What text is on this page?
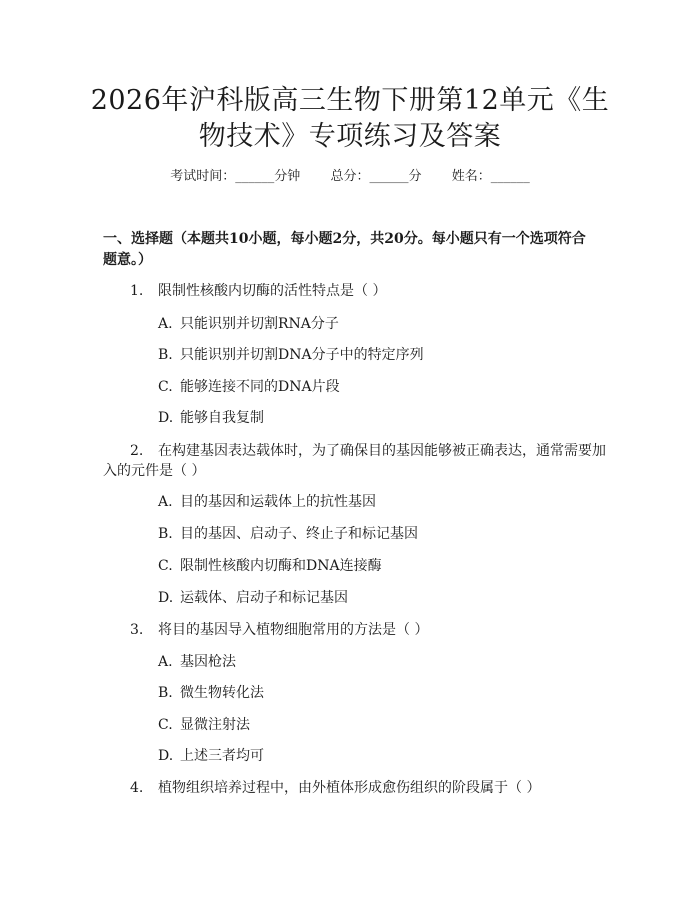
2026年沪科版高三生物下册第12单元《生
物技术》专项练习及答案
考试时间：______分钟 总分：______分 姓名：______
一、选择题（本题共10小题，每小题2分，共20分。每小题只有一个选项符合
题意。）
1. 限制性核酸内切酶的活性特点是（ ）
A. 只能识别并切割RNA分子
B. 只能识别并切割DNA分子中的特定序列
C. 能够连接不同的DNA片段
D. 能够自我复制
2. 在构建基因表达载体时，为了确保目的基因能够被正确表达，通常需要加
入的元件是（ ）
A. 目的基因和运载体上的抗性基因
B. 目的基因、启动子、终止子和标记基因
C. 限制性核酸内切酶和DNA连接酶
D. 运载体、启动子和标记基因
3. 将目的基因导入植物细胞常用的方法是（ ）
A. 基因枪法
B. 微生物转化法
C. 显微注射法
D. 上述三者均可
4. 植物组织培养过程中，由外植体形成愈伤组织的阶段属于（ ）
